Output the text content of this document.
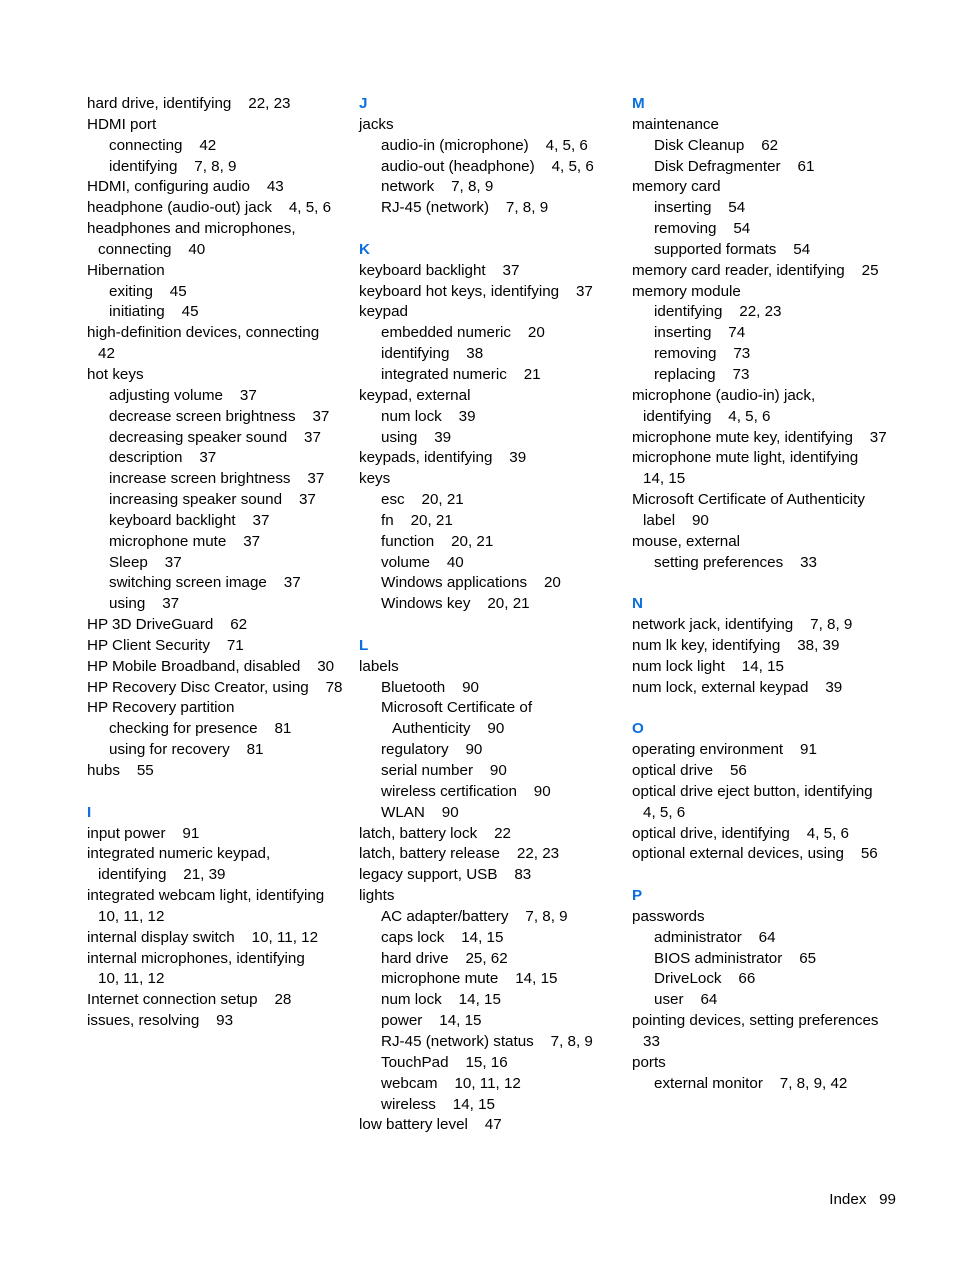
hard drive, identifying 22, 23
HDMI port
connecting 42
identifying 7, 8, 9
HDMI, configuring audio 43
headphone (audio-out) jack 4, 5, 6
headphones and microphones, connecting 40
Hibernation
exiting 45
initiating 45
high-definition devices, connecting    42
hot keys
adjusting volume 37
decrease screen brightness 37
decreasing speaker sound 37
description 37
increase screen brightness 37
increasing speaker sound 37
keyboard backlight 37
microphone mute 37
Sleep 37
switching screen image 37
using 37
HP 3D DriveGuard 62
HP Client Security 71
HP Mobile Broadband, disabled 30
HP Recovery Disc Creator, using 78
HP Recovery partition
checking for presence 81
using for recovery 81
hubs 55
I
input power 91
integrated numeric keypad, identifying 21, 39
integrated webcam light, identifying    10, 11, 12
internal display switch 10, 11, 12
internal microphones, identifying    10, 11, 12
Internet connection setup 28
issues, resolving 93
J
jacks
audio-in (microphone) 4, 5, 6
audio-out (headphone) 4, 5, 6
network 7, 8, 9
RJ-45 (network) 7, 8, 9
K
keyboard backlight 37
keyboard hot keys, identifying 37
keypad
embedded numeric 20
identifying 38
integrated numeric 21
keypad, external
num lock 39
using 39
keypads, identifying 39
keys
esc 20, 21
fn 20, 21
function 20, 21
volume 40
Windows applications 20
Windows key 20, 21
L
labels
Bluetooth 90
Microsoft Certificate of Authenticity 90
regulatory 90
serial number 90
wireless certification 90
WLAN 90
latch, battery lock 22
latch, battery release 22, 23
legacy support, USB 83
lights
AC adapter/battery 7, 8, 9
caps lock 14, 15
hard drive 25, 62
microphone mute 14, 15
num lock 14, 15
power 14, 15
RJ-45 (network) status 7, 8, 9
TouchPad 15, 16
webcam 10, 11, 12
wireless 14, 15
low battery level 47
M
maintenance
Disk Cleanup 62
Disk Defragmenter 61
memory card
inserting 54
removing 54
supported formats 54
memory card reader, identifying 25
memory module
identifying 22, 23
inserting 74
removing 73
replacing 73
microphone (audio-in) jack, identifying 4, 5, 6
microphone mute key, identifying 37
microphone mute light, identifying    14, 15
Microsoft Certificate of Authenticity label 90
mouse, external
setting preferences 33
N
network jack, identifying 7, 8, 9
num lk key, identifying 38, 39
num lock light 14, 15
num lock, external keypad 39
O
operating environment 91
optical drive 56
optical drive eject button, identifying    4, 5, 6
optical drive, identifying 4, 5, 6
optional external devices, using 56
P
passwords
administrator 64
BIOS administrator 65
DriveLock 66
user 64
pointing devices, setting preferences    33
ports
external monitor 7, 8, 9, 42
Index 99
